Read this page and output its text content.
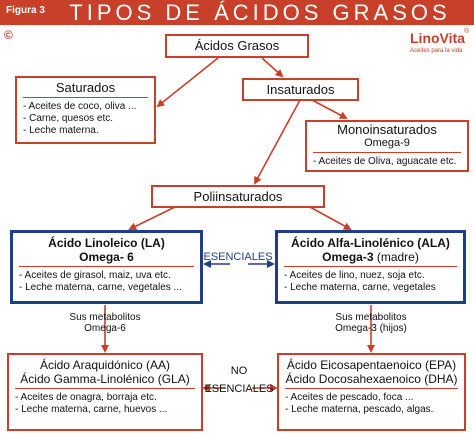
Figura 3	TIPOS DE ÁCIDOS GRASOS
©	LinoVita ®
Aceites para la vida
Ácidos Grasos
Saturados
- Aceites de coco, oliva ...
- Carne, quesos etc.
- Leche materna.
Insaturados
Monoinsaturados
Omega-9
- Aceites de Oliva, aguacate etc.
Poliinsaturados
Ácido Linoleico (LA)
Omega- 6
- Aceites de girasol, maiz, uva etc.
- Leche materna, carne, vegetales ...
ESENCIALES
Ácido Alfa-Linolénico (ALA)
Omega-3 (madre)
- Aceites de lino, nuez, soja etc.
- Leche materna, carne, vegetales
Sus metabolitos
Omega-6
Sus metabolitos
Omega-3 (hijos)
Ácido Araquidónico (AA)
Ácido Gamma-Linolénico (GLA)
- Aceites de onagra, borraja etc.
- Leche materna, carne, huevos ...
NO
ESENCIALES
Ácido Eicosapentaenoico (EPA)
Ácido Docosahexaenoico (DHA)
- Aceites de pescado, foca ...
- Leche materna, pescado, algas.
